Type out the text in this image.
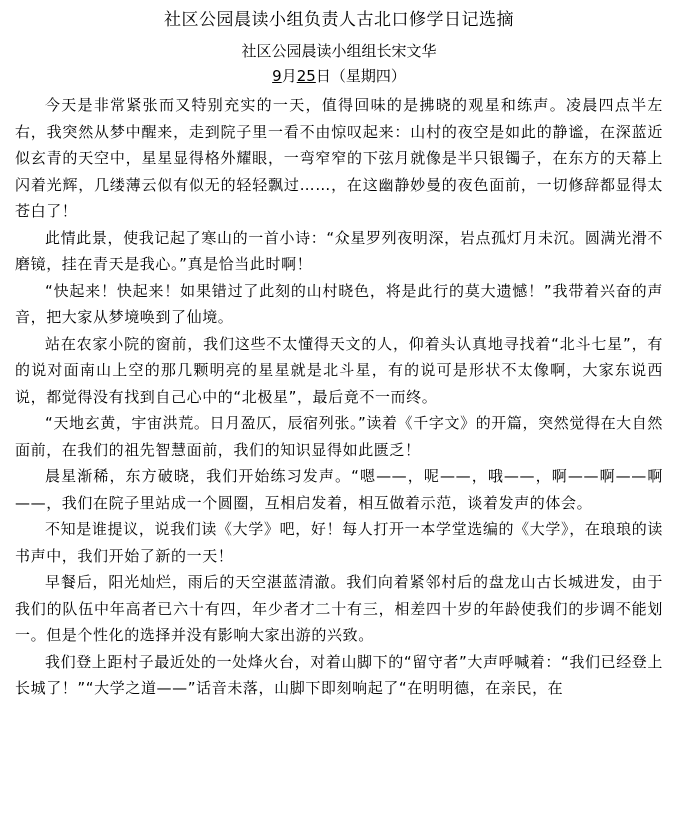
社区公园晨读小组负责人古北口修学日记选摘
社区公园晨读小组组长宋文华
9月25日（星期四）

今天是非常紧张而又特别充实的一天，值得回味的是拂晓的观星和练声。凌晨四点半左右，我突然从梦中醒来，走到院子里一看不由惊叹起来：山村的夜空是如此的静谧，在深蓝近似玄青的天空中，星星显得格外耀眼，一弯窄窄的下弦月就像是半只银镯子，在东方的天幕上闪着光辉，几缕薄云似有似无的轻轻飘过……，在这幽静妙曼的夜色面前，一切修辞都显得太苍白了！

此情此景，使我记起了寒山的一首小诗：“众星罗列夜明深，岩点孤灯月未沉。圆满光滑不磨镜，挂在青天是我心。”真是恰当此时啊！

“快起来！快起来！如果错过了此刻的山村晓色，将是此行的莫大遗憾！”我带着兴奋的声音，把大家从梦境唤到了仙境。

站在农家小院的窗前，我们这些不太懂得天文的人，仰着头认真地寻找着“北斗七星”，有的说对面南山上空的那几颗明亮的星星就是北斗星，有的说可是形状不太像啊，大家东说西说，都觉得没有找到自己心中的“北极星”，最后竟不一而终。

“天地玄黄，宇宙洪荒。日月盈仄，辰宿列张。”读着《千字文》的开篇，突然觉得在大自然面前，在我们的祖先智慧面前，我们的知识显得如此匮乏！

晨星渐稀，东方破晓，我们开始练习发声。“嗯——，呢——，哦——，啊——啊——啊——，我们在院子里站成一个圆圈，互相启发着，相互做着示范，谈着发声的体会。

不知是谁提议，说我们读《大学》吧，好！每人打开一本学堂选编的《大学》，在琅琅的读书声中，我们开始了新的一天！

早餐后，阳光灿烂，雨后的天空湛蓝清澈。我们向着紧邻村后的盘龙山古长城进发，由于我们的队伍中年高者已六十有四，年少者才二十有三，相差四十岁的年龄使我们的步调不能划一。但是个性化的选择并没有影响大家出游的兴致。

我们登上距村子最近处的一处烽火台，对着山脚下的“留守者”大声呼喊着：“我们已经登上长城了！”“大学之道——”话音未落，山脚下即刻响起了“在明明德，在亲民，在
